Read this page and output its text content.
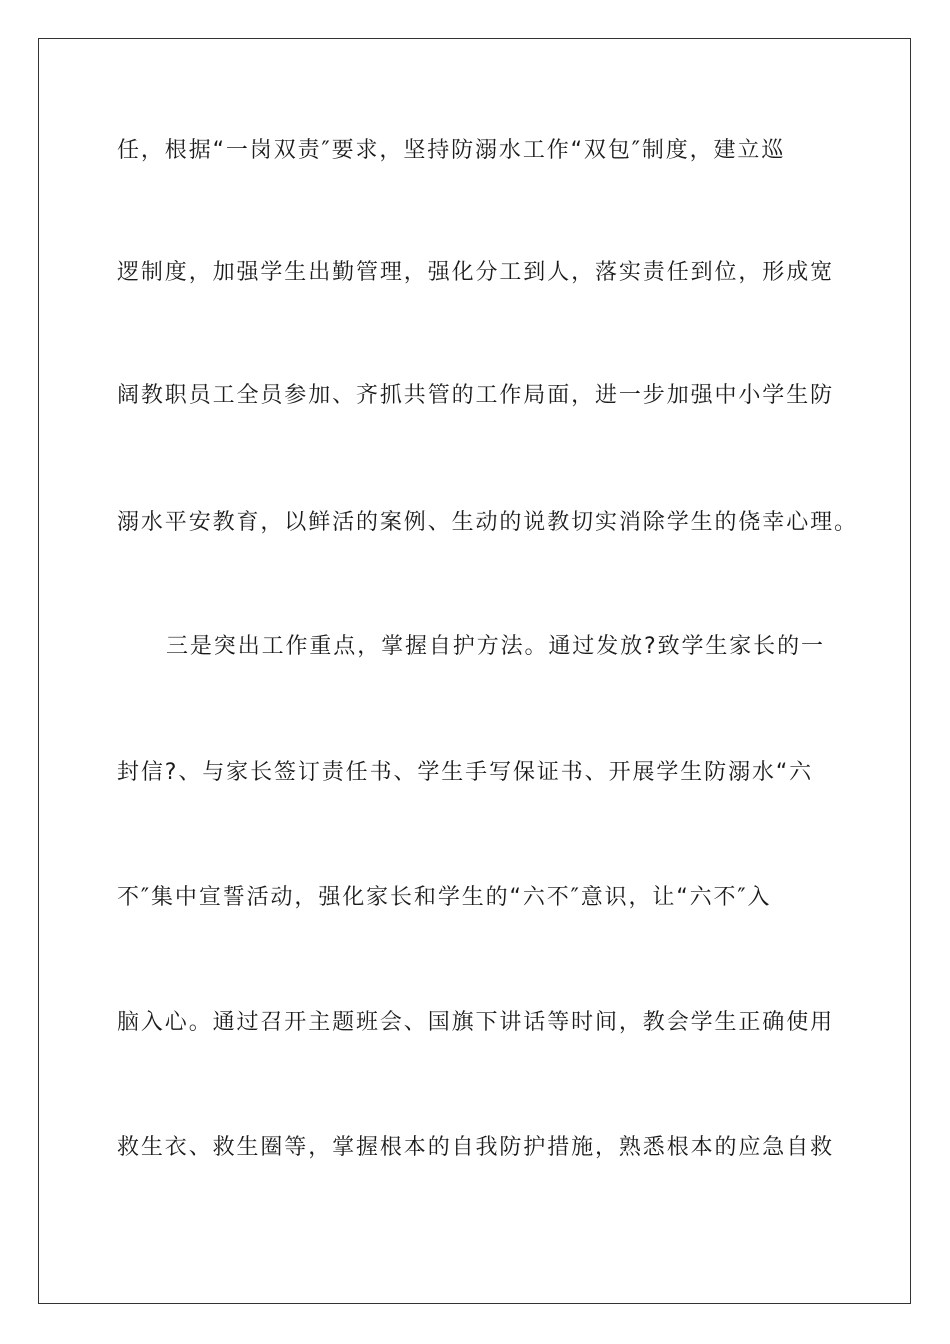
任，根据“一岗双责″要求，坚持防溺水工作“双包″制度，建立巡
逻制度，加强学生出勤管理，强化分工到人，落实责任到位，形成宽
阔教职员工全员参加、齐抓共管的工作局面，进一步加强中小学生防
溺水平安教育，以鲜活的案例、生动的说教切实消除学生的侥幸心理。
三是突出工作重点，掌握自护方法。通过发放?致学生家长的一
封信?、与家长签订责任书、学生手写保证书、开展学生防溺水“六
不″集中宣誓活动，强化家长和学生的“六不″意识，让“六不″入
脑入心。通过召开主题班会、国旗下讲话等时间，教会学生正确使用
救生衣、救生圈等，掌握根本的自我防护措施，熟悉根本的应急自救
